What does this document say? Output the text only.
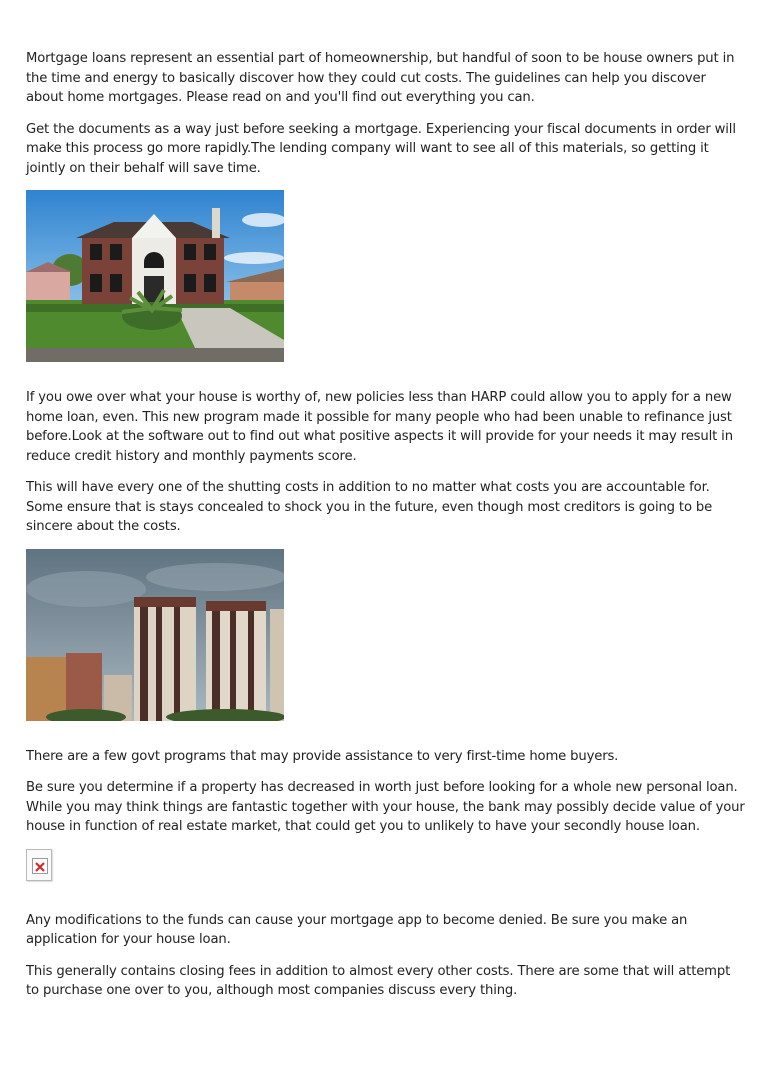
Mortgage loans represent an essential part of homeownership, but handful of soon to be house owners put in the time and energy to basically discover how they could cut costs. The guidelines can help you discover about home mortgages. Please read on and you'll find out everything you can.

Get the documents as a way just before seeking a mortgage. Experiencing your fiscal documents in order will make this process go more rapidly.The lending company will want to see all of this materials, so getting it jointly on their behalf will save time.

If you owe over what your house is worthy of, new policies less than HARP could allow you to apply for a new home loan, even. This new program made it possible for many people who had been unable to refinance just before.Look at the software out to find out what positive aspects it will provide for your needs it may result in reduce credit history and monthly payments score.

This will have every one of the shutting costs in addition to no matter what costs you are accountable for. Some ensure that is stays concealed to shock you in the future, even though most creditors is going to be sincere about the costs.

There are a few govt programs that may provide assistance to very first-time home buyers.

Be sure you determine if a property has decreased in worth just before looking for a whole new personal loan. While you may think things are fantastic together with your house, the bank may possibly decide value of your house in function of real estate market, that could get you to unlikely to have your secondly house loan.

Any modifications to the funds can cause your mortgage app to become denied. Be sure you make an application for your house loan.

This generally contains closing fees in addition to almost every other costs. There are some that will attempt to purchase one over to you, although most companies discuss every thing.
